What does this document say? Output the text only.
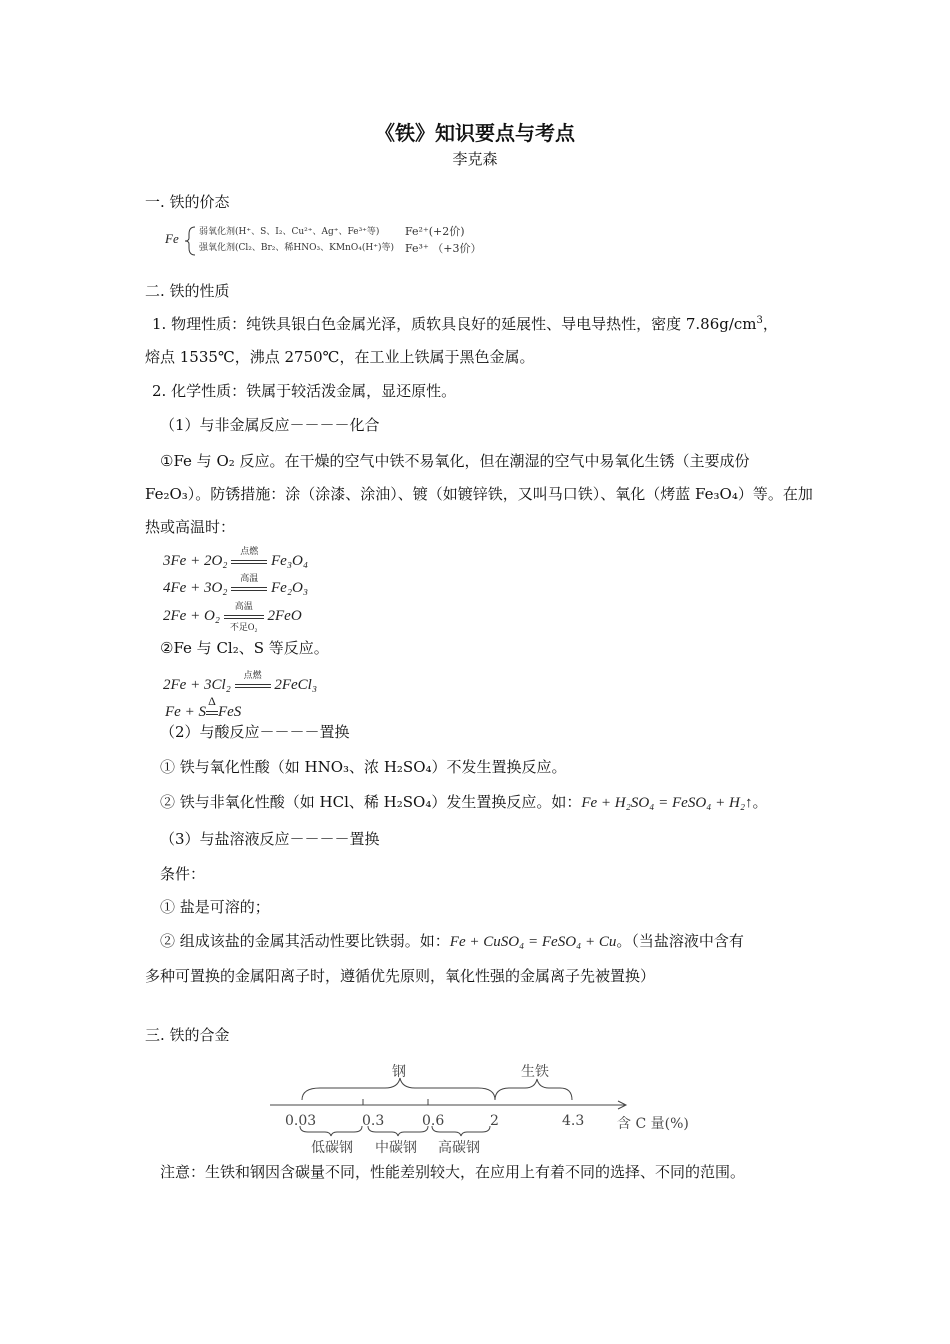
《铁》知识要点与考点
李克森
一. 铁的价态
Fe 弱氧化剂(H⁺、S、I₂、Cu²⁺、Ag⁺、Fe³⁺等) Fe²⁺(+2价)
强氧化剂(Cl₂、Br₂、稀HNO₃、KMnO₄(H⁺)等) Fe³⁺ （+3价）
二. 铁的性质
1. 物理性质：纯铁具银白色金属光泽，质软具良好的延展性、导电导热性，密度 $7.86g/cm^3$，
熔点 1535℃，沸点 2750℃，在工业上铁属于黑色金属。
2. 化学性质：铁属于较活泼金属，显还原性。
（1）与非金属反应－－－－化合
①Fe 与 O₂ 反应。在干燥的空气中铁不易氧化，但在潮湿的空气中易氧化生锈（主要成份
Fe₂O₃）。防锈措施：涂（涂漆、涂油）、镀（如镀锌铁，又叫马口铁）、氧化（烤蓝 Fe₃O₄）等。在加
热或高温时：
3Fe + 2O₂
点燃
Fe₃O₄
4Fe + 3O₂
高温
Fe₂O₃
2Fe + O₂
高温
不足O₂
2FeO
②Fe 与 Cl₂、S 等反应。
2Fe + 3Cl₂
点燃
2FeCl₃
Fe + S
Δ
FeS
（2）与酸反应－－－－置换
① 铁与氧化性酸（如 HNO₃、浓 H₂SO₄）不发生置换反应。
② 铁与非氧化性酸（如 HCl、稀 H₂SO₄）发生置换反应。如：Fe + H₂SO₄ = FeSO₄ + H₂↑。
（3）与盐溶液反应－－－－置换
条件：
① 盐是可溶的；
② 组成该盐的金属其活动性要比铁弱。如：Fe + CuSO₄ = FeSO₄ + Cu。（当盐溶液中含有
多种可置换的金属阳离子时，遵循优先原则，氧化性强的金属离子先被置换）
三. 铁的合金
钢	生铁
0.03	0.3	0.6	2	4.3 含 C 量(%)
低碳钢 中碳钢 高碳钢
注意：生铁和钢因含碳量不同，性能差别较大，在应用上有着不同的选择、不同的范围。
